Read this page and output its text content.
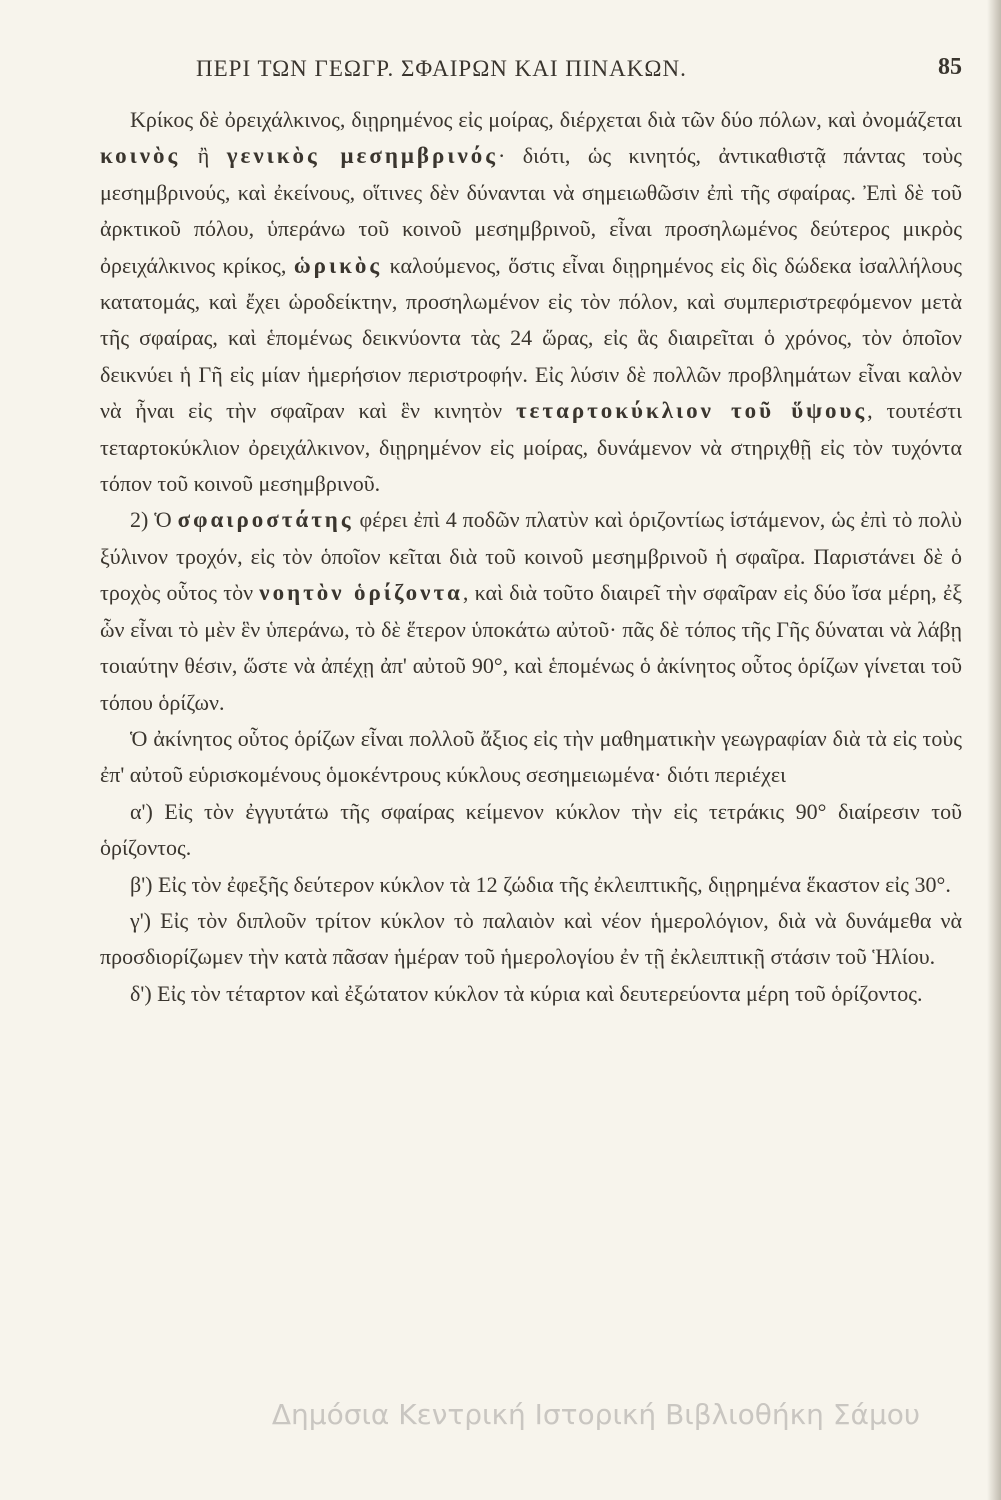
ΠΕΡΙ ΤΩΝ ΓΕΩΓΡ. ΣΦΑΙΡΩΝ ΚΑΙ ΠΙΝΑΚΩΝ.	85

Κρίκος δὲ ὀρειχάλκινος, διῃρημένος εἰς μοίρας, διέρχεται διὰ τῶν δύο πόλων, καὶ ὀνομάζεται κοινὸς ἢ γενικὸς μεσημβρινός· διότι, ὡς κινητός, ἀντικαθιστᾷ πάντας τοὺς μεσημβρινούς, καὶ ἐκείνους, οἵτινες δὲν δύνανται νὰ σημειωθῶσιν ἐπὶ τῆς σφαίρας. Ἐπὶ δὲ τοῦ ἀρκτικοῦ πόλου, ὑπεράνω τοῦ κοινοῦ μεσημβρινοῦ, εἶναι προσηλωμένος δεύτερος μικρὸς ὀρειχάλκινος κρίκος, ὡρικὸς καλούμενος, ὅστις εἶναι διῃρημένος εἰς δὶς δώδεκα ἰσαλλήλους κατατομάς, καὶ ἔχει ὡροδείκτην, προσηλωμένον εἰς τὸν πόλον, καὶ συμπεριστρεφόμενον μετὰ τῆς σφαίρας, καὶ ἑπομένως δεικνύοντα τὰς 24 ὥρας, εἰς ἃς διαιρεῖται ὁ χρόνος, τὸν ὁποῖον δεικνύει ἡ Γῆ εἰς μίαν ἡμερήσιον περιστροφήν. Εἰς λύσιν δὲ πολλῶν προβλημάτων εἶναι καλὸν νὰ ἦναι εἰς τὴν σφαῖραν καὶ ἓν κινητὸν τεταρτοκύκλιον τοῦ ὕψους, τουτέστι τεταρτοκύκλιον ὀρειχάλκινον, διῃρημένον εἰς μοίρας, δυνάμενον νὰ στηριχθῇ εἰς τὸν τυχόντα τόπον τοῦ κοινοῦ μεσημβρινοῦ.

2) Ὁ σφαιροστάτης φέρει ἐπὶ 4 ποδῶν πλατὺν καὶ ὁριζοντίως ἱστάμενον, ὡς ἐπὶ τὸ πολὺ ξύλινον τροχόν, εἰς τὸν ὁποῖον κεῖται διὰ τοῦ κοινοῦ μεσημβρινοῦ ἡ σφαῖρα. Παριστάνει δὲ ὁ τροχὸς οὗτος τὸν νοητὸν ὁρίζοντα, καὶ διὰ τοῦτο διαιρεῖ τὴν σφαῖραν εἰς δύο ἴσα μέρη, ἐξ ὧν εἶναι τὸ μὲν ἓν ὑπεράνω, τὸ δὲ ἕτερον ὑποκάτω αὐτοῦ· πᾶς δὲ τόπος τῆς Γῆς δύναται νὰ λάβῃ τοιαύτην θέσιν, ὥστε νὰ ἀπέχῃ ἀπ' αὐτοῦ 90°, καὶ ἑπομένως ὁ ἀκίνητος οὗτος ὁρίζων γίνεται τοῦ τόπου ὁρίζων.

Ὁ ἀκίνητος οὗτος ὁρίζων εἶναι πολλοῦ ἄξιος εἰς τὴν μαθηματικὴν γεωγραφίαν διὰ τὰ εἰς τοὺς ἐπ' αὐτοῦ εὑρισκομένους ὁμοκέντρους κύκλους σεσημειωμένα· διότι περιέχει

α') Εἰς τὸν ἐγγυτάτω τῆς σφαίρας κείμενον κύκλον τὴν εἰς τετράκις 90° διαίρεσιν τοῦ ὁρίζοντος.

β') Εἰς τὸν ἐφεξῆς δεύτερον κύκλον τὰ 12 ζώδια τῆς ἐκλειπτικῆς, διῃρημένα ἕκαστον εἰς 30°.

γ') Εἰς τὸν διπλοῦν τρίτον κύκλον τὸ παλαιὸν καὶ νέον ἡμερολόγιον, διὰ νὰ δυνάμεθα νὰ προσδιορίζωμεν τὴν κατὰ πᾶσαν ἡμέραν τοῦ ἡμερολογίου ἐν τῇ ἐκλειπτικῇ στάσιν τοῦ Ἡλίου.

δ') Εἰς τὸν τέταρτον καὶ ἐξώτατον κύκλον τὰ κύρια καὶ δευτερεύοντα μέρη τοῦ ὁρίζοντος.

Δημόσια Κεντρική Ιστορική Βιβλιοθήκη Σάμου
